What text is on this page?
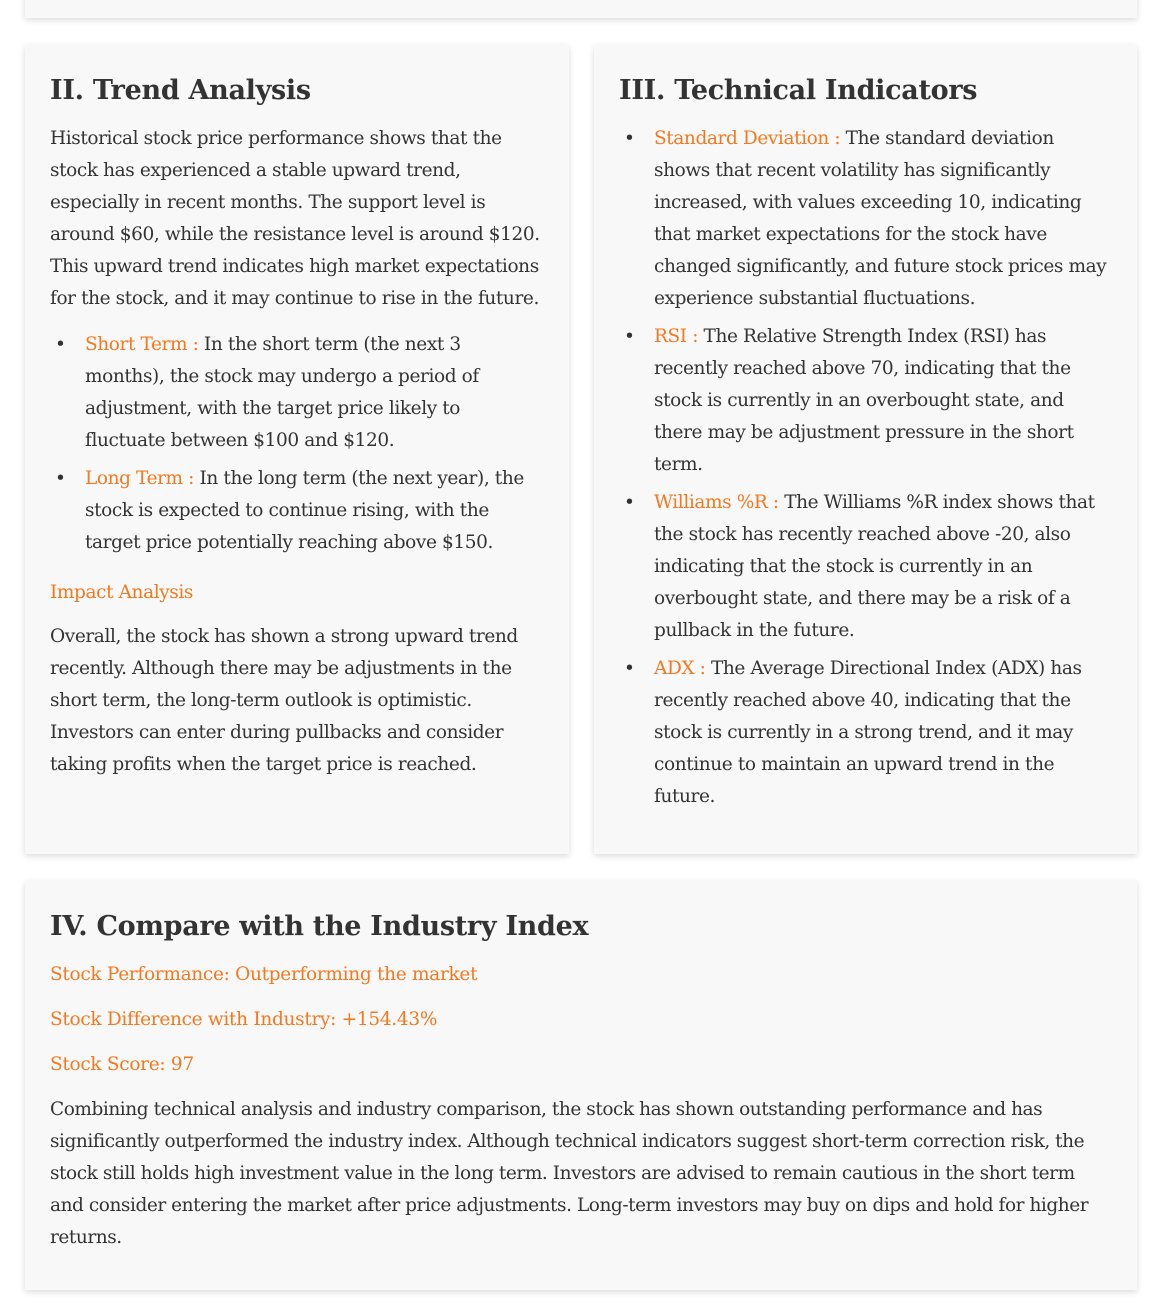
II. Trend Analysis

Historical stock price performance shows that the stock has experienced a stable upward trend, especially in recent months. The support level is around $60, while the resistance level is around $120. This upward trend indicates high market expectations for the stock, and it may continue to rise in the future.

• Short Term : In the short term (the next 3 months), the stock may undergo a period of adjustment, with the target price likely to fluctuate between $100 and $120.
• Long Term : In the long term (the next year), the stock is expected to continue rising, with the target price potentially reaching above $150.
Impact Analysis

Overall, the stock has shown a strong upward trend recently. Although there may be adjustments in the short term, the long-term outlook is optimistic. Investors can enter during pullbacks and consider taking profits when the target price is reached.

III. Technical Indicators
• Standard Deviation : The standard deviation shows that recent volatility has significantly increased, with values exceeding 10, indicating that market expectations for the stock have changed significantly, and future stock prices may experience substantial fluctuations.
• RSI : The Relative Strength Index (RSI) has recently reached above 70, indicating that the stock is currently in an overbought state, and there may be adjustment pressure in the short term.
• Williams %R : The Williams %R index shows that the stock has recently reached above -20, also indicating that the stock is currently in an overbought state, and there may be a risk of a pullback in the future.
• ADX : The Average Directional Index (ADX) has recently reached above 40, indicating that the stock is currently in a strong trend, and it may continue to maintain an upward trend in the future.
IV. Compare with the Industry Index
Stock Performance: Outperforming the market
Stock Difference with Industry: +154.43%
Stock Score: 97

Combining technical analysis and industry comparison, the stock has shown outstanding performance and has significantly outperformed the industry index. Although technical indicators suggest short-term correction risk, the stock still holds high investment value in the long term. Investors are advised to remain cautious in the short term and consider entering the market after price adjustments. Long-term investors may buy on dips and hold for higher returns.
